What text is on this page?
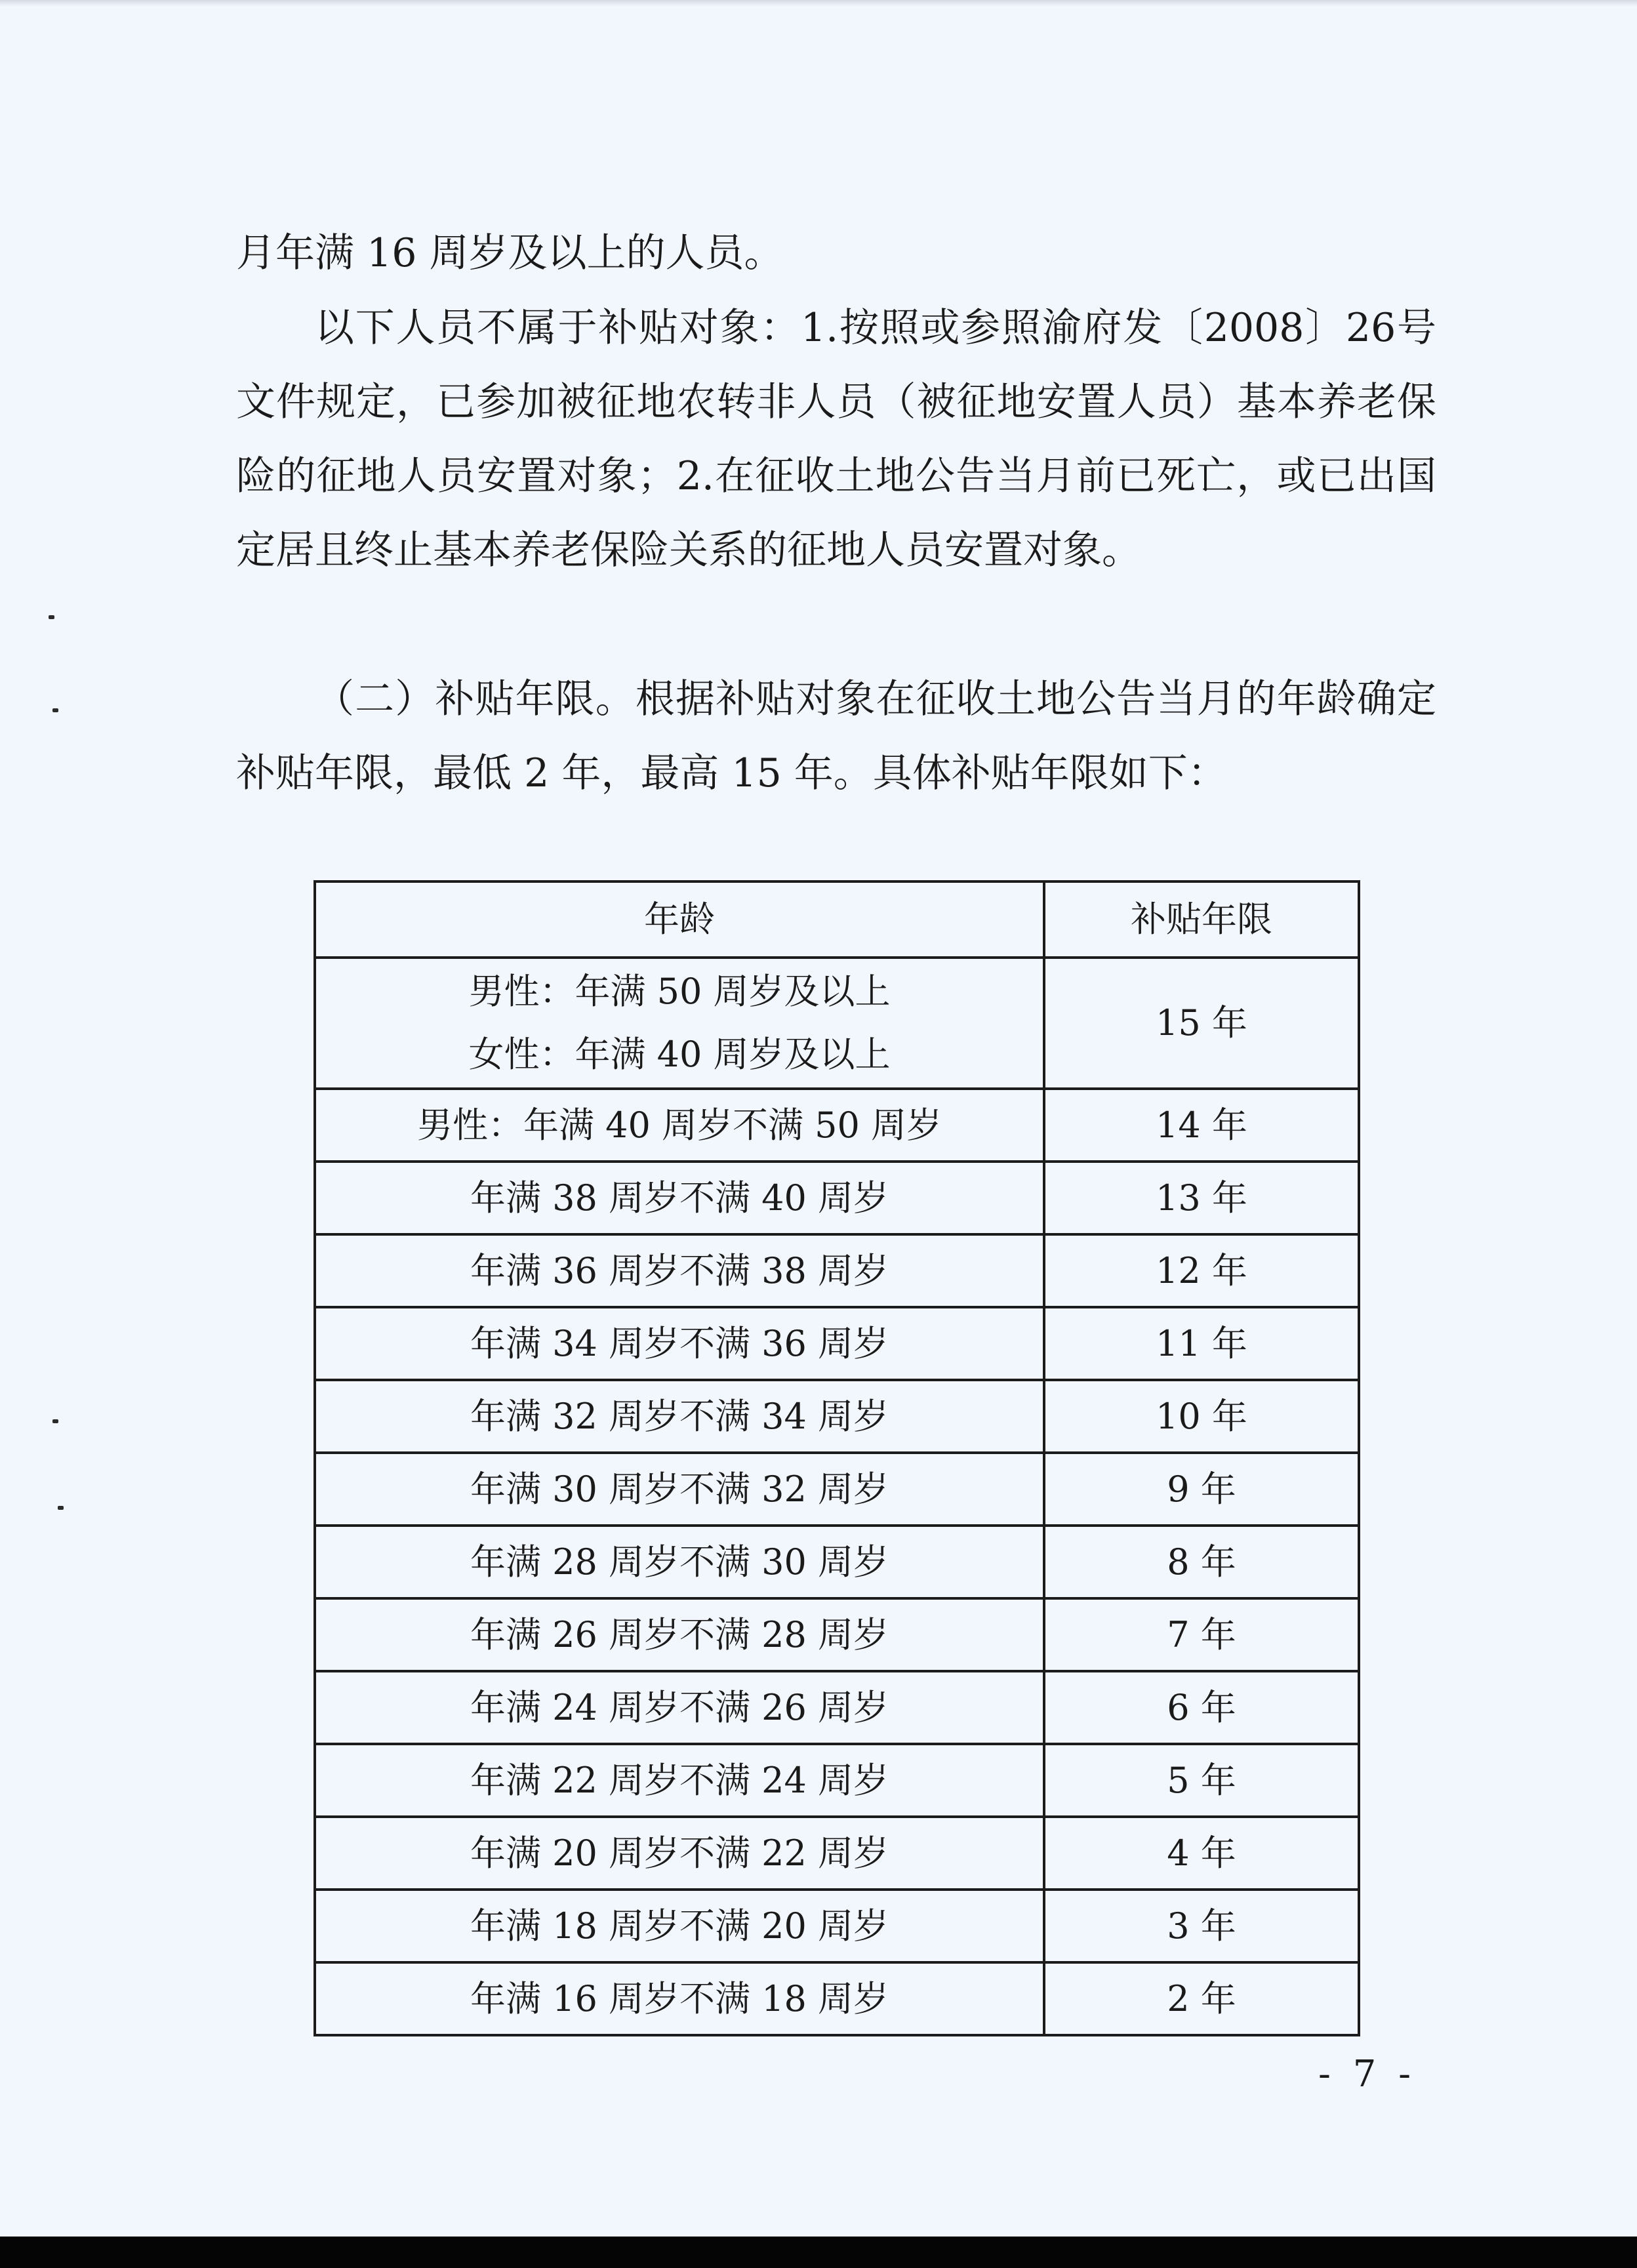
月年满 16 周岁及以上的人员。

以下人员不属于补贴对象：1.按照或参照渝府发〔2008〕26号文件规定，已参加被征地农转非人员（被征地安置人员）基本养老保险的征地人员安置对象；2.在征收土地公告当月前已死亡，或已出国定居且终止基本养老保险关系的征地人员安置对象。

（二）补贴年限。根据补贴对象在征收土地公告当月的年龄确定补贴年限，最低 2 年，最高 15 年。具体补贴年限如下：

年龄	补贴年限

男性：年满 50 周岁及以上
女性：年满 40 周岁及以上	15 年
男性：年满 40 周岁不满 50 周岁	14 年
年满 38 周岁不满 40 周岁	13 年
年满 36 周岁不满 38 周岁	12 年
年满 34 周岁不满 36 周岁	11 年
年满 32 周岁不满 34 周岁	10 年
年满 30 周岁不满 32 周岁	9 年
年满 28 周岁不满 30 周岁	8 年
年满 26 周岁不满 28 周岁	7 年
年满 24 周岁不满 26 周岁	6 年
年满 22 周岁不满 24 周岁	5 年
年满 20 周岁不满 22 周岁	4 年
年满 18 周岁不满 20 周岁	3 年
年满 16 周岁不满 18 周岁	2 年
- 7 -
